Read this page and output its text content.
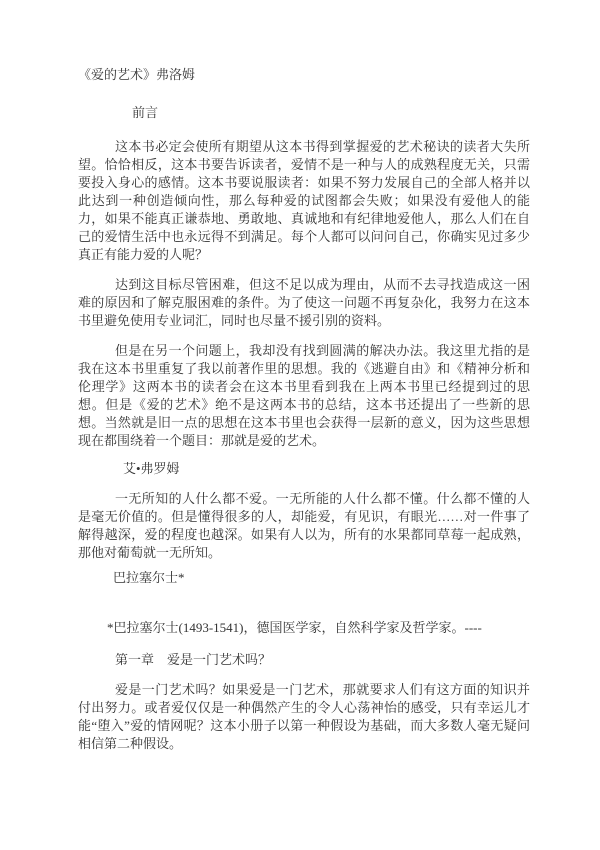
《爱的艺术》弗洛姆
前言
这本书必定会使所有期望从这本书得到掌握爱的艺术秘诀的读者大失所望。恰恰相反，这本书要告诉读者，爱情不是一种与人的成熟程度无关，只需要投入身心的感情。这本书要说服读者：如果不努力发展自己的全部人格并以此达到一种创造倾向性，那么每种爱的试图都会失败；如果没有爱他人的能力，如果不能真正谦恭地、勇敢地、真诚地和有纪律地爱他人，那么人们在自己的爱情生活中也永远得不到满足。每个人都可以问问自己，你确实见过多少真正有能力爱的人呢？
达到这目标尽管困难，但这不足以成为理由，从而不去寻找造成这一困难的原因和了解克服困难的条件。为了使这一问题不再复杂化，我努力在这本书里避免使用专业词汇，同时也尽量不援引别的资料。
但是在另一个问题上，我却没有找到圆满的解决办法。我这里尤指的是我在这本书里重复了我以前著作里的思想。我的《逃避自由》和《精神分析和伦理学》这两本书的读者会在这本书里看到我在上两本书里已经提到过的思想。但是《爱的艺术》绝不是这两本书的总结，这本书还提出了一些新的思想。当然就是旧一点的思想在这本书里也会获得一层新的意义，因为这些思想现在都围绕着一个题目：那就是爱的艺术。
艾•弗罗姆
一无所知的人什么都不爱。一无所能的人什么都不懂。什么都不懂的人是毫无价值的。但是懂得很多的人，却能爱，有见识，有眼光……对一件事了解得越深，爱的程度也越深。如果有人以为，所有的水果都同草莓一起成熟，那他对葡萄就一无所知。
巴拉塞尔士*
*巴拉塞尔士(1493-1541)，德国医学家，自然科学家及哲学家。----
第一章　爱是一门艺术吗？
爱是一门艺术吗？如果爱是一门艺术，那就要求人们有这方面的知识并付出努力。或者爱仅仅是一种偶然产生的令人心荡神怡的感受，只有幸运儿才能“堕入”爱的情网呢？这本小册子以第一种假设为基础，而大多数人毫无疑问相信第二种假设。
